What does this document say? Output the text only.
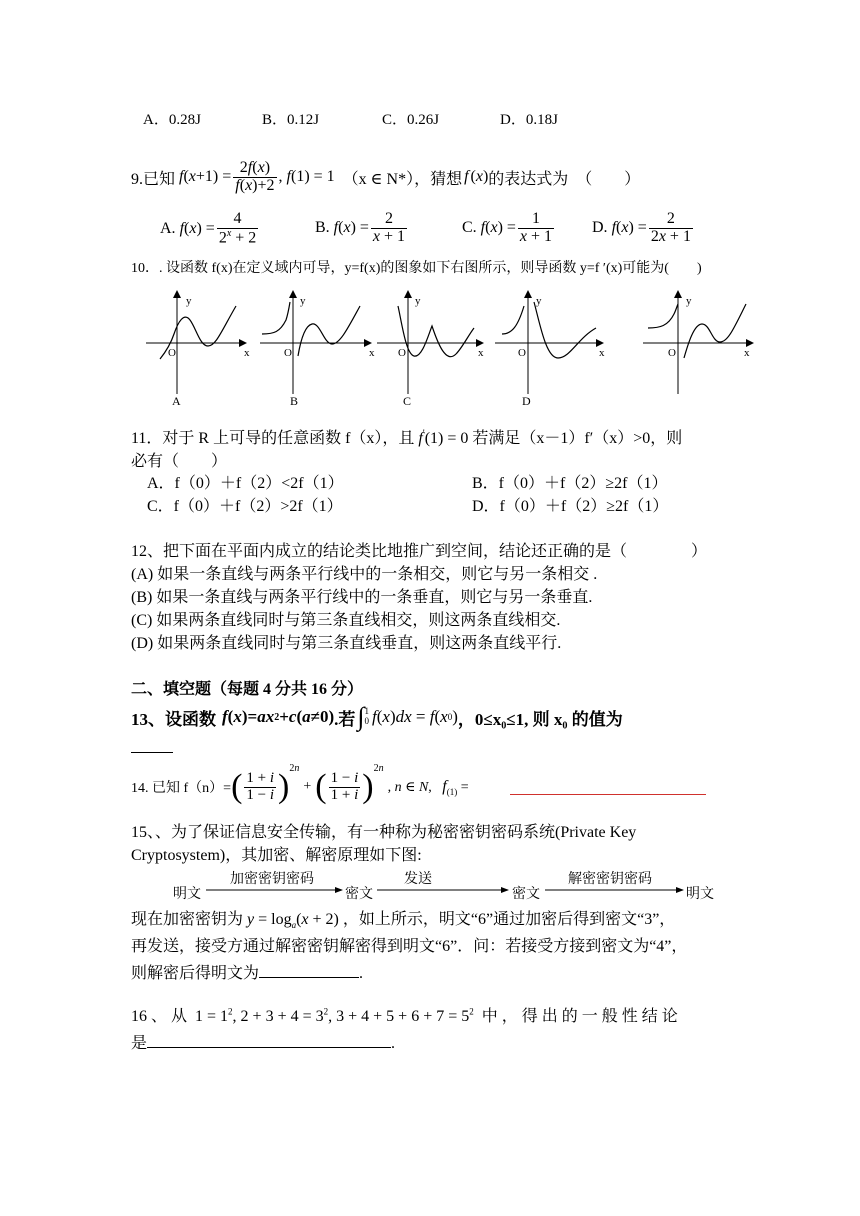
A．0.28J	B．0.12J	C．0.26J	D．0.18J
9.已知 f ( $x +1) = \frac{2f(x)}{f(x)+2}$ , f(1) = 1 （x ∈ N*），猜想 f ( x ) 的表达式为　（　　）
A.
f ( x ) = $\frac{4}{2^x + 2}$	B.
f ( x ) = $\frac{2}{x + 1}$	C.
f ( x ) = $\frac{1}{x + 1} D$.
f ( x ) = $\frac{2}{2x + 1}$
10．. 设函数 f(x)在定义域内可导，y=f(x)的图象如下右图所示，则导函数 y=f ′(x)可能为(　　)
y
x
O
A
y
x
O
B
y
x
O
C
y
x
O
D
y
x
O
11．对于 R 上可导的任意函数 f（x），且 f'(1) = 0 若满足（x－1）f′（x）>0，则
必有（　　）
A．f（0）＋f（2）<2f（1）	B．f（0）＋f（2）≥2f（1）
C．f（0）＋f（2）>2f（1）	D．f（0）＋f（2）≥2f（1）
12、把下面在平面内成立的结论类比地推广到空间，结论还正确的是（　　　　）
(A) 如果一条直线与两条平行线中的一条相交，则它与另一条相交 .
(B) 如果一条直线与两条平行线中的一条垂直，则它与另一条垂直.
(C) 如果两条直线同时与第三条直线相交，则这两条直线相交.
(D) 如果两条直线同时与第三条直线垂直，则这两条直线平行.
二、填空题（每题 4 分共 16 分）
13、设函数 f ( x )= ax 2 + c ( a ≠0) .若 ∫ 1
0 f ( x ) dx = f ( x 0 ) ，0≤x₀≤1, 则 x₀ 的值为
14. 已知 f（n）= ( $\frac{1 + i}{1 - i}$ ) $^{2n}$
+ ( $\frac{1 - i}{1 + i}$ ) $^{2n}$
, n ∈ N,   $f_{(1)}$ =
15、、为了保证信息安全传输，有一种称为秘密密钥密码系统(Private Key
Cryptosystem)，其加密、解密原理如下图:
明文
加密密钥密码
密文
发送
密文
解密密钥密码
明文
现在加密密钥为 $y = \log_a(x + 2)$ ，如上所示，明文“6”通过加密后得到密文“3”，
再发送，接受方通过解密密钥解密得到明文“6”．问：若接受方接到密文为“4”，
则解密后得明文为	.
16 、 从  $1 = 1^2$, $2 + 3 + 4 = 3^2$, $3 + 4 + 5 + 6 + 7 = 5^2$ 中 ， 得 出 的 一 般 性 结 论
是	.
